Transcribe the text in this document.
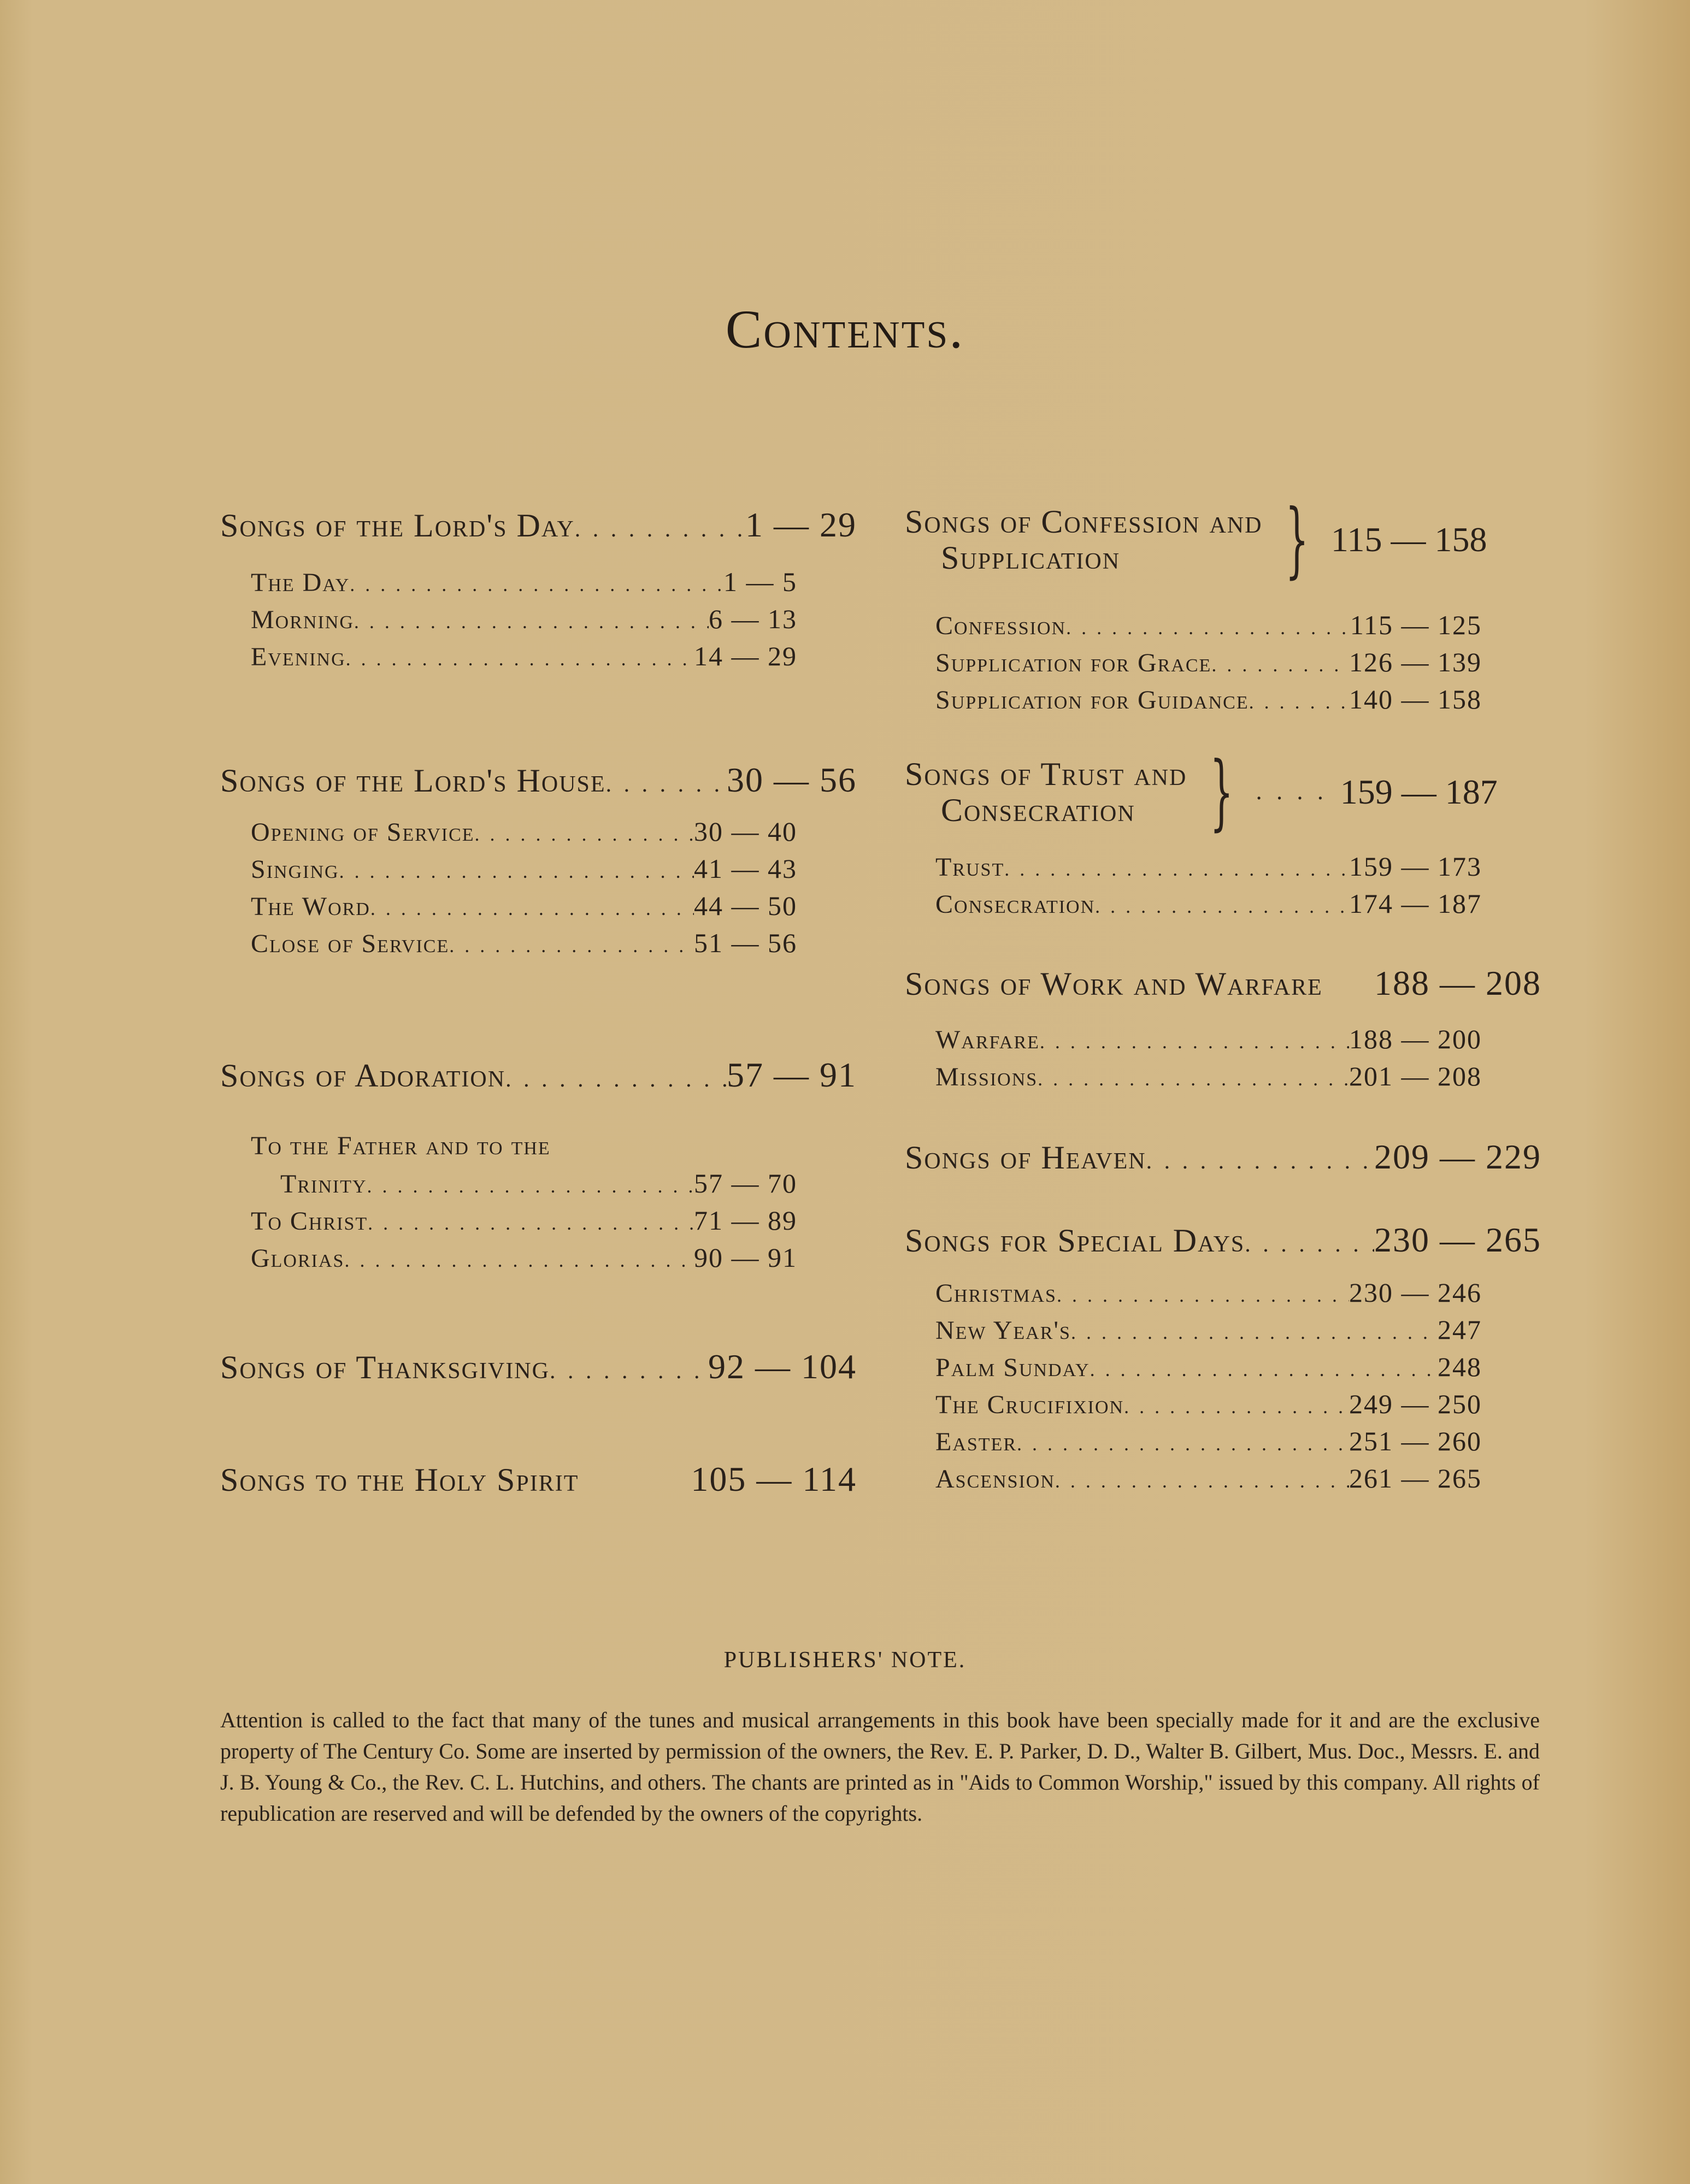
Contents.
Songs of the Lord's Day . . .	1 — 29
The Day . . .	1 — 5
Morning . . .	6 — 13
Evening . . .	14 — 29
Songs of the Lord's House . . .	30 — 56
Opening of Service . . .	30 — 40
Singing . . .	41 — 43
The Word . . .	44 — 50
Close of Service . . .	51 — 56
Songs of Adoration . . .	57 — 91
To the Father and to the
Trinity . . .	57 — 70
To Christ . . .	71 — 89
Glorias . . .	90 — 91
Songs of Thanksgiving . . .	92 — 104
Songs to the Holy Spirit	105 — 114
Songs of Confession and
Supplication	} 115 — 158
Confession . . .	115 — 125
Supplication for Grace . . .	126 — 139
Supplication for Guidance . . .	140 — 158
Songs of Trust and
Consecration } . . . . 159 — 187
Trust . . .	159 — 173
Consecration . . .	174 — 187
Songs of Work and Warfare 188 — 208
Warfare . . .	188 — 200
Missions . . .	201 — 208
Songs of Heaven . . .	209 — 229
Songs for Special Days . . .	230 — 265
Christmas . . .	230 — 246
New Year's . . .	247
Palm Sunday . . .	248
The Crucifixion . . .	249 — 250
Easter . . .	251 — 260
Ascension . . .	261 — 265
PUBLISHERS' NOTE.
Attention is called to the fact that many of the tunes and musical arrangements in this book have been specially made for it and are the exclusive property of The Century Co. Some are inserted by permission of the owners, the Rev. E. P. Parker, D. D., Walter B. Gilbert, Mus. Doc., Messrs. E. and J. B. Young & Co., the Rev. C. L. Hutchins, and others. The chants are printed as in "Aids to Common Worship," issued by this company. All rights of republication are reserved and will be defended by the owners of the copyrights.
